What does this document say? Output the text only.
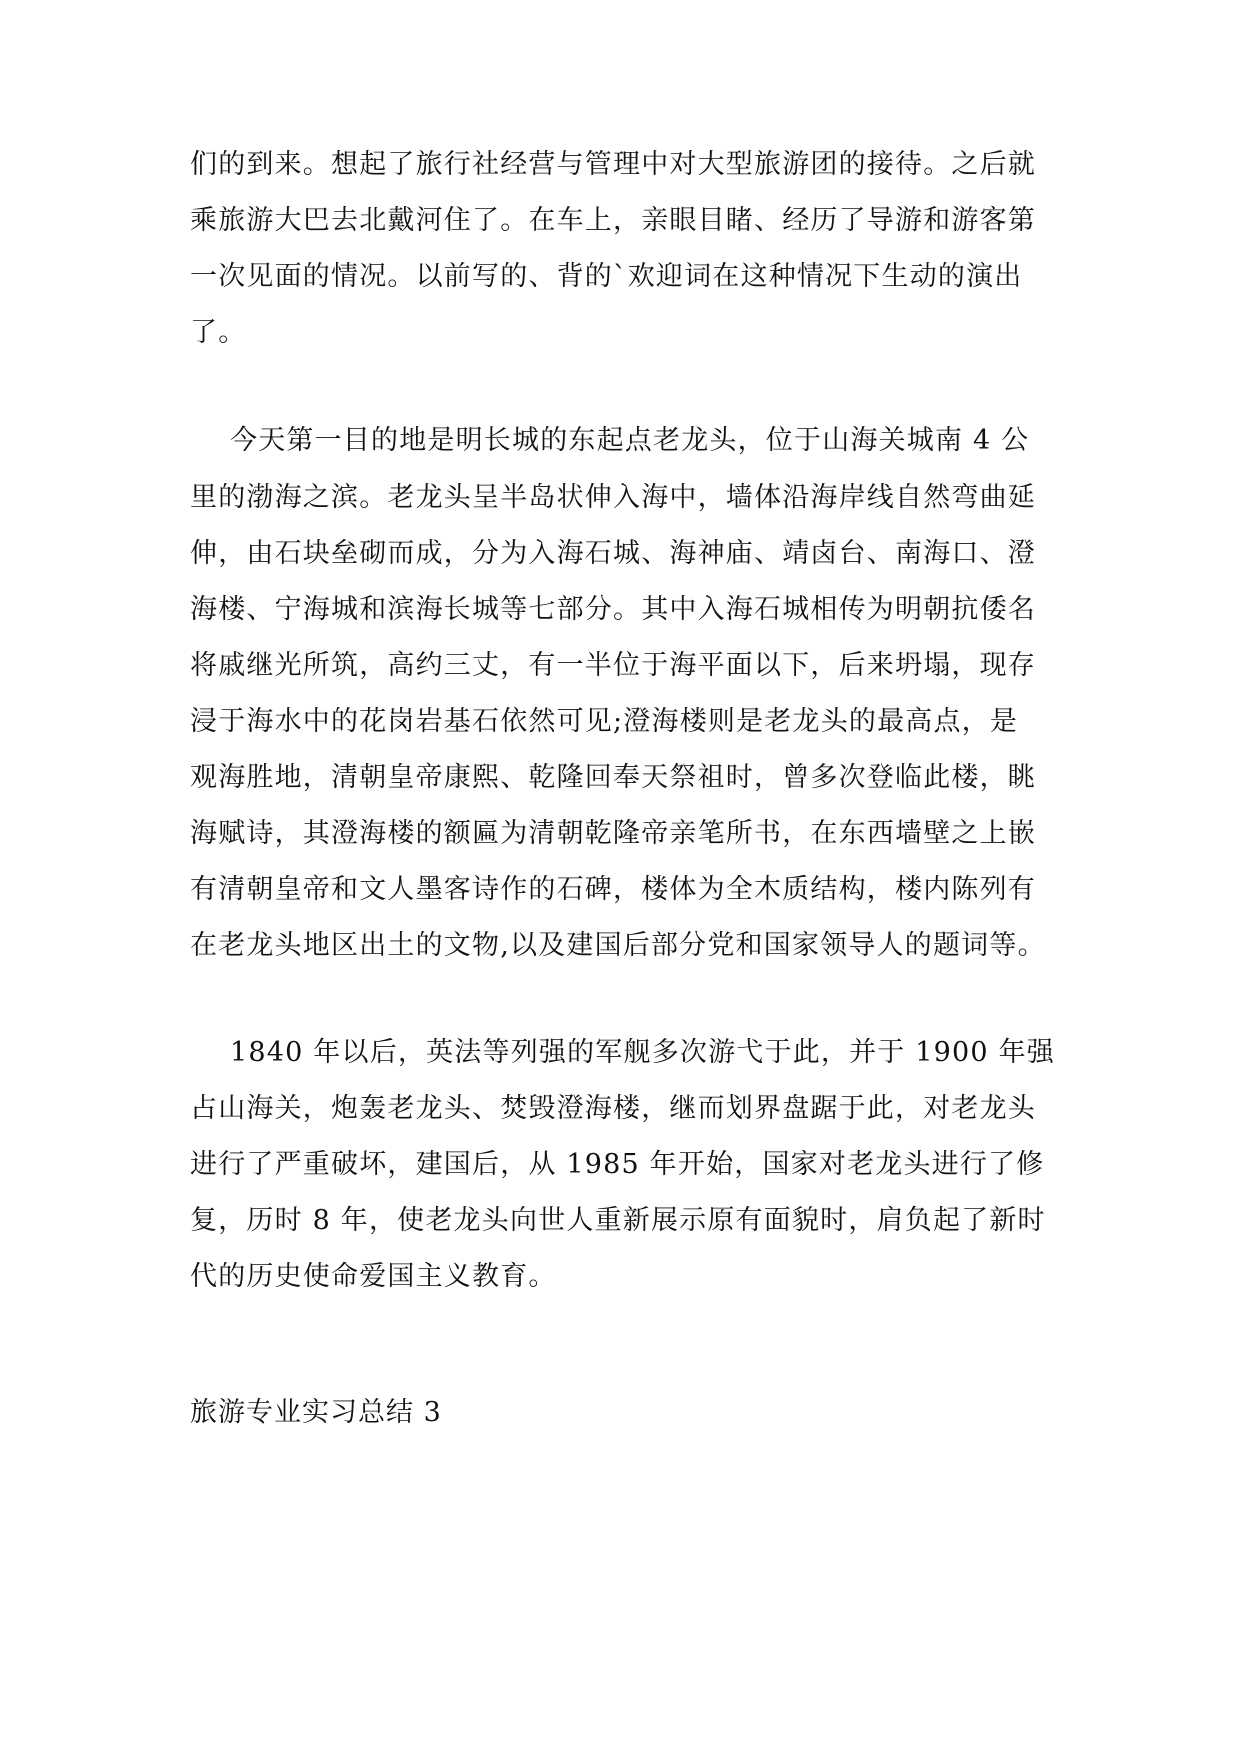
们的到来。想起了旅行社经营与管理中对大型旅游团的接待。之后就
乘旅游大巴去北戴河住了。在车上，亲眼目睹、经历了导游和游客第
一次见面的情况。以前写的、背的`欢迎词在这种情况下生动的演出
了。
今天第一目的地是明长城的东起点老龙头，位于山海关城南 4 公
里的渤海之滨。老龙头呈半岛状伸入海中，墙体沿海岸线自然弯曲延
伸，由石块垒砌而成，分为入海石城、海神庙、靖卤台、南海口、澄
海楼、宁海城和滨海长城等七部分。其中入海石城相传为明朝抗倭名
将戚继光所筑，高约三丈，有一半位于海平面以下，后来坍塌，现存
浸于海水中的花岗岩基石依然可见;澄海楼则是老龙头的最高点，是
观海胜地，清朝皇帝康熙、乾隆回奉天祭祖时，曾多次登临此楼，眺
海赋诗，其澄海楼的额匾为清朝乾隆帝亲笔所书，在东西墙壁之上嵌
有清朝皇帝和文人墨客诗作的石碑，楼体为全木质结构，楼内陈列有
在老龙头地区出土的文物,以及建国后部分党和国家领导人的题词等。
1840 年以后，英法等列强的军舰多次游弋于此，并于 1900 年强
占山海关，炮轰老龙头、焚毁澄海楼，继而划界盘踞于此，对老龙头
进行了严重破坏，建国后，从 1985 年开始，国家对老龙头进行了修
复，历时 8 年，使老龙头向世人重新展示原有面貌时，肩负起了新时
代的历史使命爱国主义教育。
旅游专业实习总结 3
